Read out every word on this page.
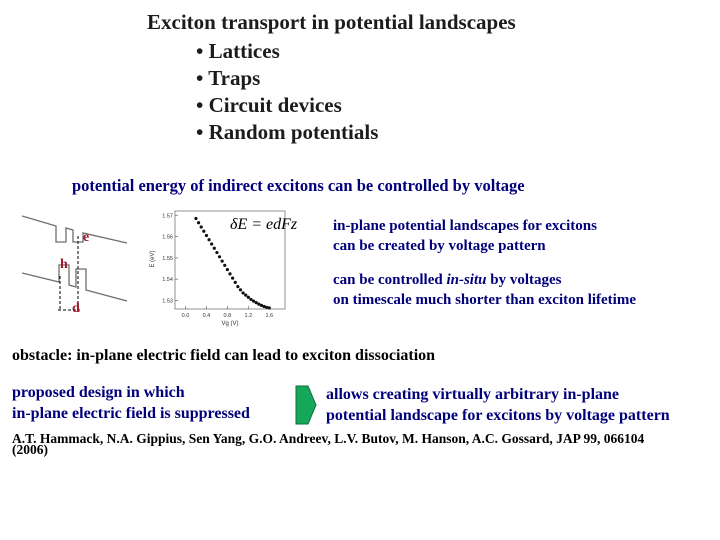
Exciton transport in potential landscapes
• Lattices
• Traps
• Circuit devices
• Random potentials
potential energy of indirect excitons can be controlled by voltage
e
h
d	1.53
1.54
1.55
1.56
1.57
0.0 0.4 0.8 1.2 1.6
E (eV)
Vg (V)
δE = edFz in-plane potential landscapes for excitons
can be created by voltage pattern
can be controlled in-situ by voltages
on timescale much shorter than exciton lifetime
obstacle: in-plane electric field can lead to exciton dissociation
proposed design in which
in-plane electric field is suppressed
allows creating virtually arbitrary in-plane
potential landscape for excitons by voltage pattern
A.T. Hammack, N.A. Gippius, Sen Yang, G.O. Andreev, L.V. Butov, M. Hanson, A.C. Gossard, JAP 99, 066104
(2006)
